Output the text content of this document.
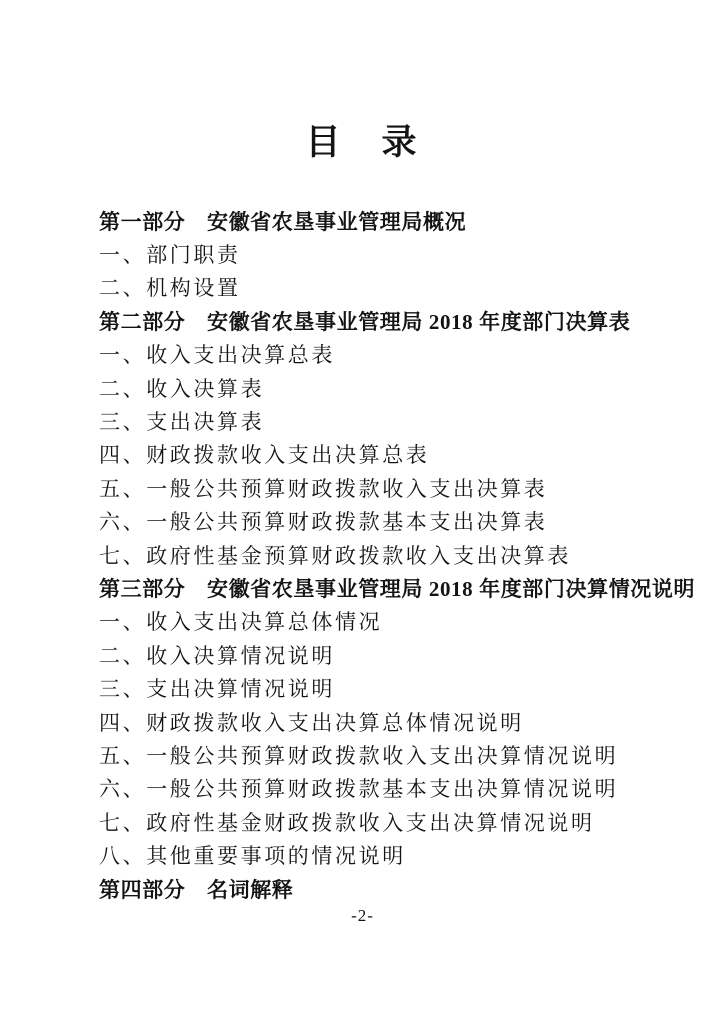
目　录
第一部分　安徽省农垦事业管理局概况
一、部门职责
二、机构设置
第二部分　安徽省农垦事业管理局 2018 年度部门决算表
一、收入支出决算总表
二、收入决算表
三、支出决算表
四、财政拨款收入支出决算总表
五、一般公共预算财政拨款收入支出决算表
六、一般公共预算财政拨款基本支出决算表
七、政府性基金预算财政拨款收入支出决算表
第三部分　安徽省农垦事业管理局 2018 年度部门决算情况说明
一、收入支出决算总体情况
二、收入决算情况说明
三、支出决算情况说明
四、财政拨款收入支出决算总体情况说明
五、一般公共预算财政拨款收入支出决算情况说明
六、一般公共预算财政拨款基本支出决算情况说明
七、政府性基金财政拨款收入支出决算情况说明
八、其他重要事项的情况说明
第四部分　名词解释
-2-
